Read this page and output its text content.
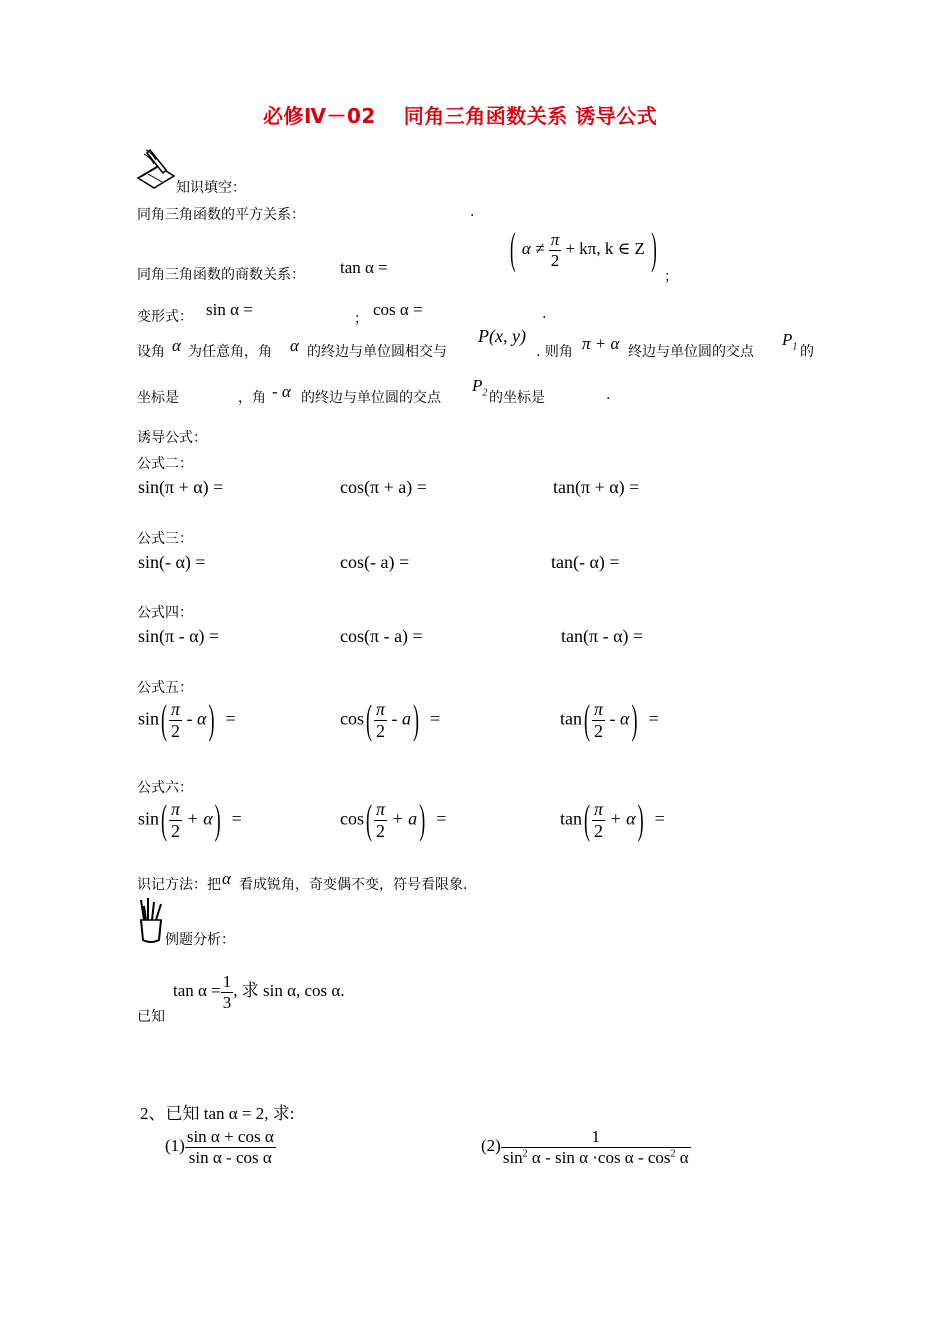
必修Ⅳ－02　 同角三角函数关系 诱导公式
知识填空：
同角三角函数的平方关系：	.
同角三角函数的商数关系： tan α =	( $\alpha \ne \frac{\pi}{2} + k\pi$, k ∈ Z )
；
变形式： sin α =	； cos α =	.
设角 α 为任意角，角 α 的终边与单位圆相交与
P(x, y)
. 则角 π + α 终边与单位圆的交点
$P_1$ 的
坐标是	，角 - α 的终边与单位圆的交点
$P_2$ 的坐标是	.
诱导公式：
公式二：
sin(π + α) =	cos(π + a) =	tan(π + α) =
公式三：
sin(- α) =	cos(- a) =	tan(- α) =
公式四：
sin(π - α) =	cos(π - a) =	tan(π - α) =
公式五：
sin ( $\frac{\pi}{2}$ - α ) =	cos ( $\frac{\pi}{2}$ - a ) =	tan ( $\frac{\pi}{2}$ - α ) =
公式六：
sin ( $\frac{\pi}{2} + \alpha$ ) =	cos ( $\frac{\pi}{2} + a$ ) =	tan ( $\frac{\pi}{2} + \alpha$ ) =
识记方法：把 α 看成锐角，奇变偶不变，符号看限象.
例题分析：
已知
$\tan \alpha = \frac{1}{3}$ , 求 sin α, cos α.
2、已知 tan α = 2, 求:
$(1) \frac{\text{sin α + cos α}}{\text{sin α - cos α}}$	$(2) \frac{1}{\sin^2 \alpha - \sin \alpha \cdot\cos \alpha - \cos^2 \alpha}$
